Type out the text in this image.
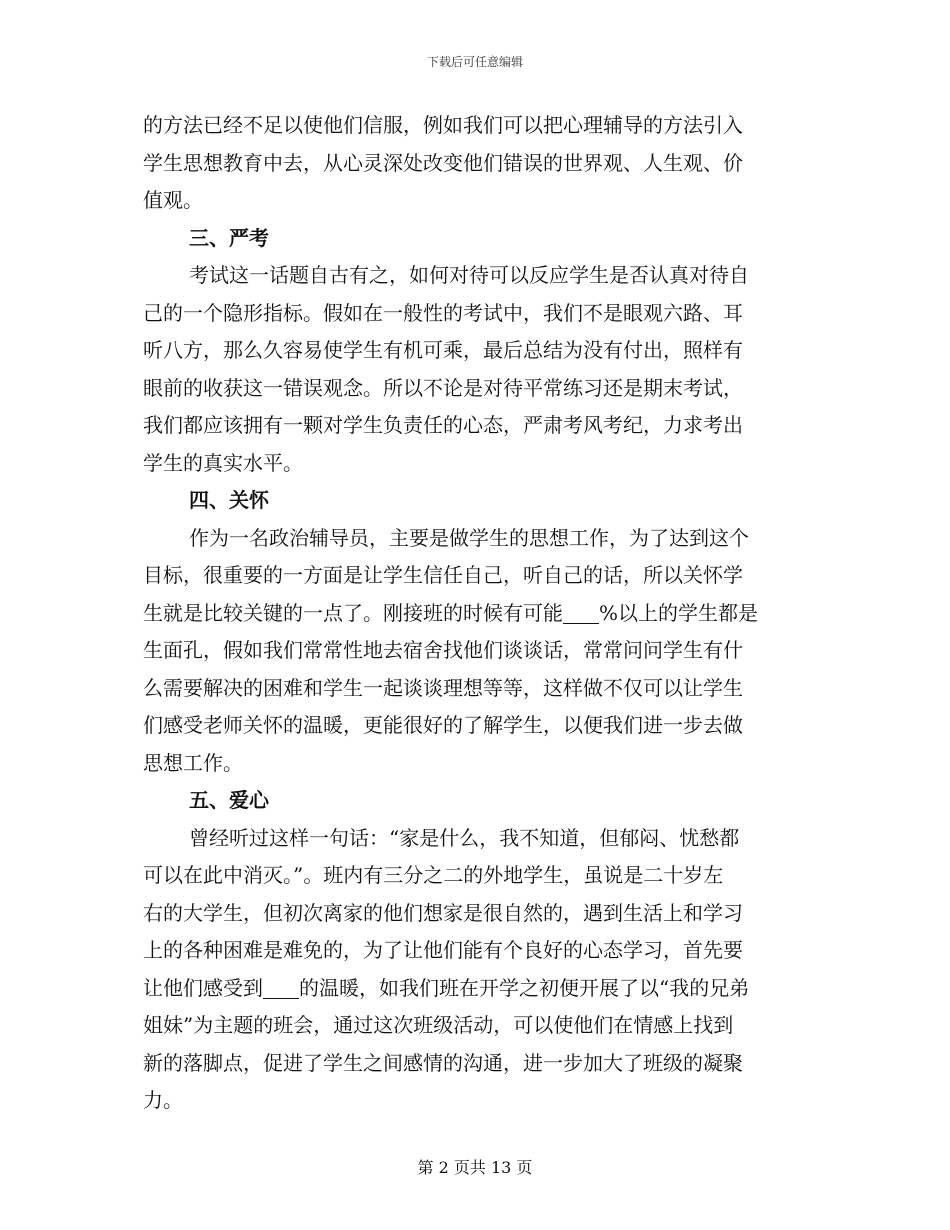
下载后可任意编辑
的方法已经不足以使他们信服，例如我们可以把心理辅导的方法引入
学生思想教育中去，从心灵深处改变他们错误的世界观、人生观、价
值观。
三、严考
考试这一话题自古有之，如何对待可以反应学生是否认真对待自
己的一个隐形指标。假如在一般性的考试中，我们不是眼观六路、耳
听八方，那么久容易使学生有机可乘，最后总结为没有付出，照样有
眼前的收获这一错误观念。所以不论是对待平常练习还是期末考试，
我们都应该拥有一颗对学生负责任的心态，严肃考风考纪，力求考出
学生的真实水平。
四、关怀
作为一名政治辅导员，主要是做学生的思想工作，为了达到这个
目标，很重要的一方面是让学生信任自己，听自己的话，所以关怀学
生就是比较关键的一点了。刚接班的时候有可能 %以上的学生都是
生面孔，假如我们常常性地去宿舍找他们谈谈话，常常问问学生有什
么需要解决的困难和学生一起谈谈理想等等，这样做不仅可以让学生
们感受老师关怀的温暖，更能很好的了解学生，以便我们进一步去做
思想工作。
五、爱心
曾经听过这样一句话：“家是什么，我不知道，但郁闷、忧愁都
可以在此中消灭。”。班内有三分之二的外地学生，虽说是二十岁左
右的大学生，但初次离家的他们想家是很自然的，遇到生活上和学习
上的各种困难是难免的，为了让他们能有个良好的心态学习，首先要
让他们感受到 的温暖，如我们班在开学之初便开展了以“我的兄弟
姐妹”为主题的班会，通过这次班级活动，可以使他们在情感上找到
新的落脚点，促进了学生之间感情的沟通，进一步加大了班级的凝聚
力。
第 2 页共 13 页
